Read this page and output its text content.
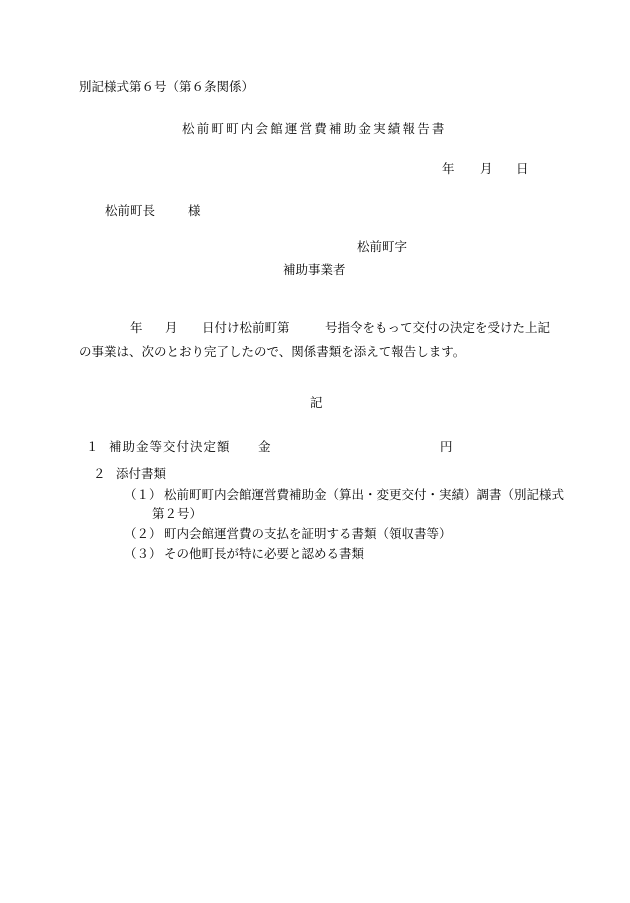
別記様式第６号（第６条関係）
松前町町内会館運営費補助金実績報告書
年 月 日
松前町長	様
松前町字
補助事業者
年 月 日付け松前町第	号指令をもって交付の決定を受けた上記
の事業は、次のとおり完了したので、関係書類を添えて報告します。
記
１ 補助金等交付決定額 金	円
２ 添付書類
（１） 松前町町内会館運営費補助金（算出・変更交付・実績）調書（別記様式
第２号）
（２） 町内会館運営費の支払を証明する書類（領収書等）
（３） その他町長が特に必要と認める書類
